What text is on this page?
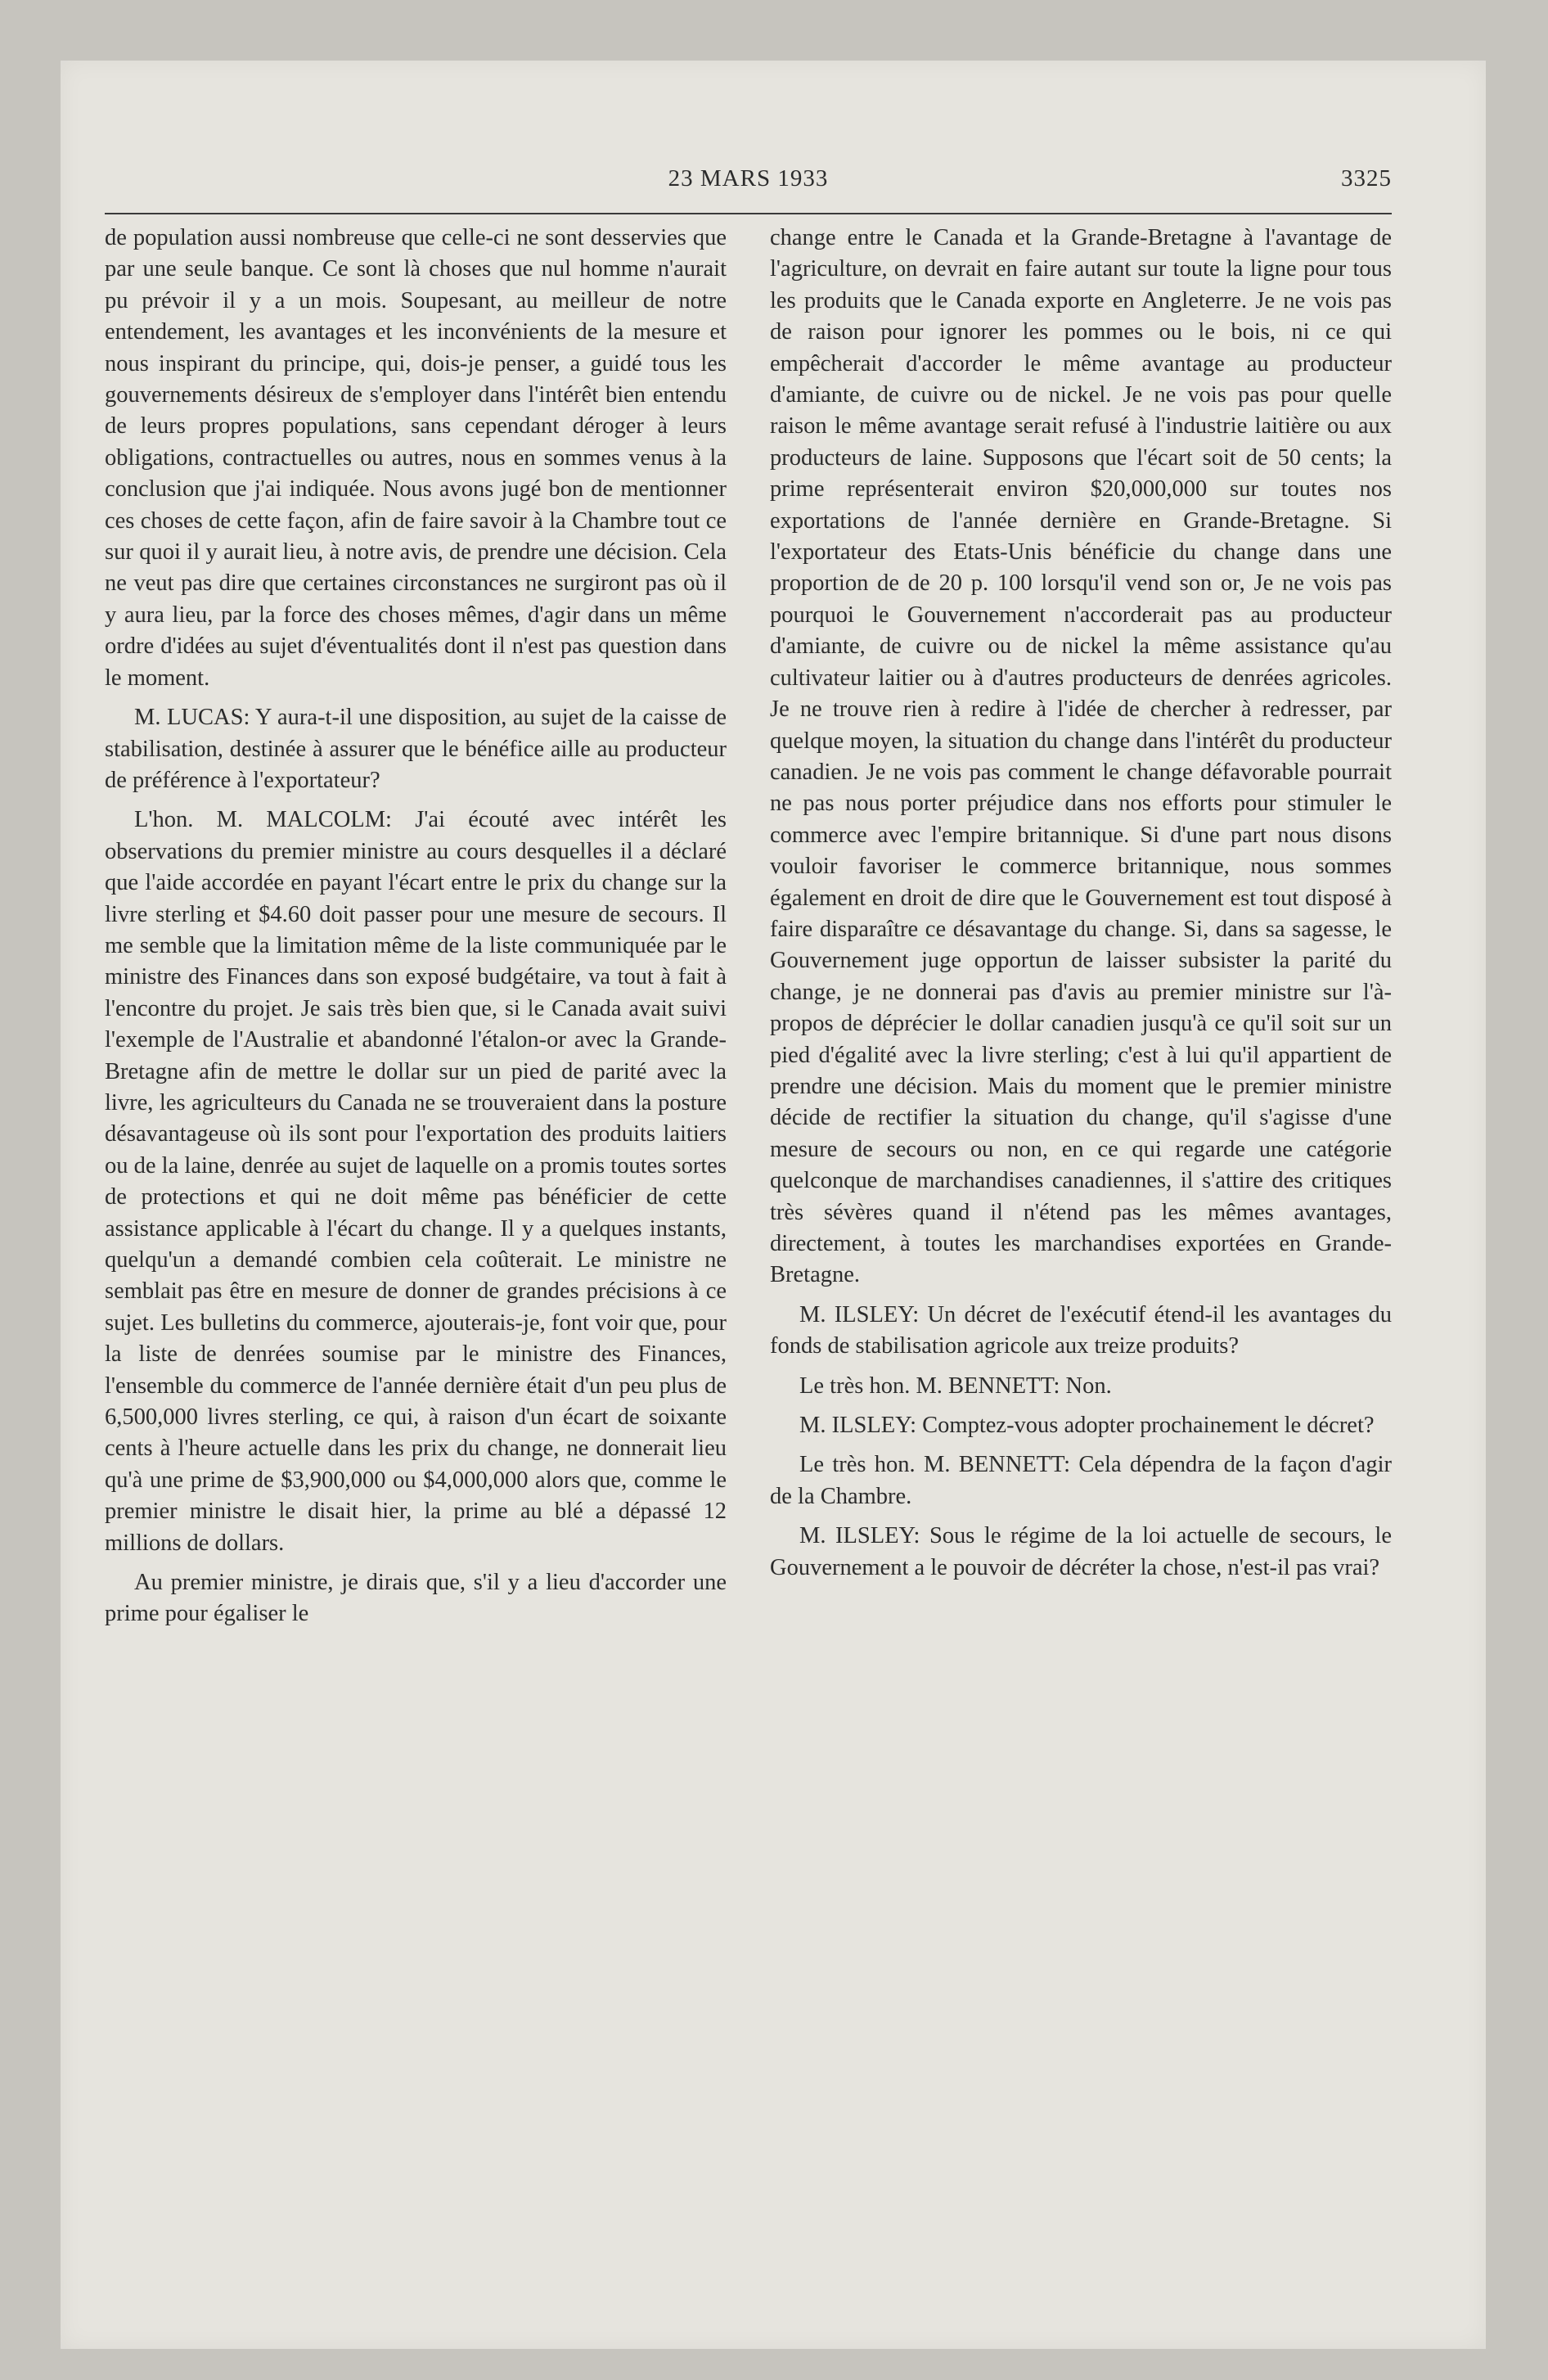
23 MARS 1933	3325

de population aussi nombreuse que celle-ci ne sont desservies que par une seule banque. Ce sont là choses que nul homme n'aurait pu prévoir il y a un mois. Soupesant, au meilleur de notre entendement, les avantages et les inconvénients de la mesure et nous inspirant du principe, qui, dois-je penser, a guidé tous les gouvernements désireux de s'employer dans l'intérêt bien entendu de leurs propres populations, sans cependant déroger à leurs obligations, contractuelles ou autres, nous en sommes venus à la conclusion que j'ai indiquée. Nous avons jugé bon de mentionner ces choses de cette façon, afin de faire savoir à la Chambre tout ce sur quoi il y aurait lieu, à notre avis, de prendre une décision. Cela ne veut pas dire que certaines circonstances ne surgiront pas où il y aura lieu, par la force des choses mêmes, d'agir dans un même ordre d'idées au sujet d'éventualités dont il n'est pas question dans le moment.

M. LUCAS: Y aura-t-il une disposition, au sujet de la caisse de stabilisation, destinée à assurer que le bénéfice aille au producteur de préférence à l'exportateur?

L'hon. M. MALCOLM: J'ai écouté avec intérêt les observations du premier ministre au cours desquelles il a déclaré que l'aide accordée en payant l'écart entre le prix du change sur la livre sterling et $4.60 doit passer pour une mesure de secours. Il me semble que la limitation même de la liste communiquée par le ministre des Finances dans son exposé budgétaire, va tout à fait à l'encontre du projet. Je sais très bien que, si le Canada avait suivi l'exemple de l'Australie et abandonné l'étalon-or avec la Grande-Bretagne afin de mettre le dollar sur un pied de parité avec la livre, les agriculteurs du Canada ne se trouveraient dans la posture désavantageuse où ils sont pour l'exportation des produits laitiers ou de la laine, denrée au sujet de laquelle on a promis toutes sortes de protections et qui ne doit même pas bénéficier de cette assistance applicable à l'écart du change. Il y a quelques instants, quelqu'un a demandé combien cela coûterait. Le ministre ne semblait pas être en mesure de donner de grandes précisions à ce sujet. Les bulletins du commerce, ajouterais-je, font voir que, pour la liste de denrées soumise par le ministre des Finances, l'ensemble du commerce de l'année dernière était d'un peu plus de 6,500,000 livres sterling, ce qui, à raison d'un écart de soixante cents à l'heure actuelle dans les prix du change, ne donnerait lieu qu'à une prime de $3,900,000 ou $4,000,000 alors que, comme le premier ministre le disait hier, la prime au blé a dépassé 12 millions de dollars.

Au premier ministre, je dirais que, s'il y a lieu d'accorder une prime pour égaliser le

change entre le Canada et la Grande-Bretagne à l'avantage de l'agriculture, on devrait en faire autant sur toute la ligne pour tous les produits que le Canada exporte en Angleterre. Je ne vois pas de raison pour ignorer les pommes ou le bois, ni ce qui empêcherait d'accorder le même avantage au producteur d'amiante, de cuivre ou de nickel. Je ne vois pas pour quelle raison le même avantage serait refusé à l'industrie laitière ou aux producteurs de laine. Supposons que l'écart soit de 50 cents; la prime représenterait environ $20,000,000 sur toutes nos exportations de l'année dernière en Grande-Bretagne. Si l'exportateur des Etats-Unis bénéficie du change dans une proportion de de 20 p. 100 lorsqu'il vend son or, Je ne vois pas pourquoi le Gouvernement n'accorderait pas au producteur d'amiante, de cuivre ou de nickel la même assistance qu'au cultivateur laitier ou à d'autres producteurs de denrées agricoles. Je ne trouve rien à redire à l'idée de chercher à redresser, par quelque moyen, la situation du change dans l'intérêt du producteur canadien. Je ne vois pas comment le change défavorable pourrait ne pas nous porter préjudice dans nos efforts pour stimuler le commerce avec l'empire britannique. Si d'une part nous disons vouloir favoriser le commerce britannique, nous sommes également en droit de dire que le Gouvernement est tout disposé à faire disparaître ce désavantage du change. Si, dans sa sagesse, le Gouvernement juge opportun de laisser subsister la parité du change, je ne donnerai pas d'avis au premier ministre sur l'à-propos de déprécier le dollar canadien jusqu'à ce qu'il soit sur un pied d'égalité avec la livre sterling; c'est à lui qu'il appartient de prendre une décision. Mais du moment que le premier ministre décide de rectifier la situation du change, qu'il s'agisse d'une mesure de secours ou non, en ce qui regarde une catégorie quelconque de marchandises canadiennes, il s'attire des critiques très sévères quand il n'étend pas les mêmes avantages, directement, à toutes les marchandises exportées en Grande-Bretagne.

M. ILSLEY: Un décret de l'exécutif étend-il les avantages du fonds de stabilisation agricole aux treize produits?

Le très hon. M. BENNETT: Non.

M. ILSLEY: Comptez-vous adopter prochainement le décret?

Le très hon. M. BENNETT: Cela dépendra de la façon d'agir de la Chambre.

M. ILSLEY: Sous le régime de la loi actuelle de secours, le Gouvernement a le pouvoir de décréter la chose, n'est-il pas vrai?
